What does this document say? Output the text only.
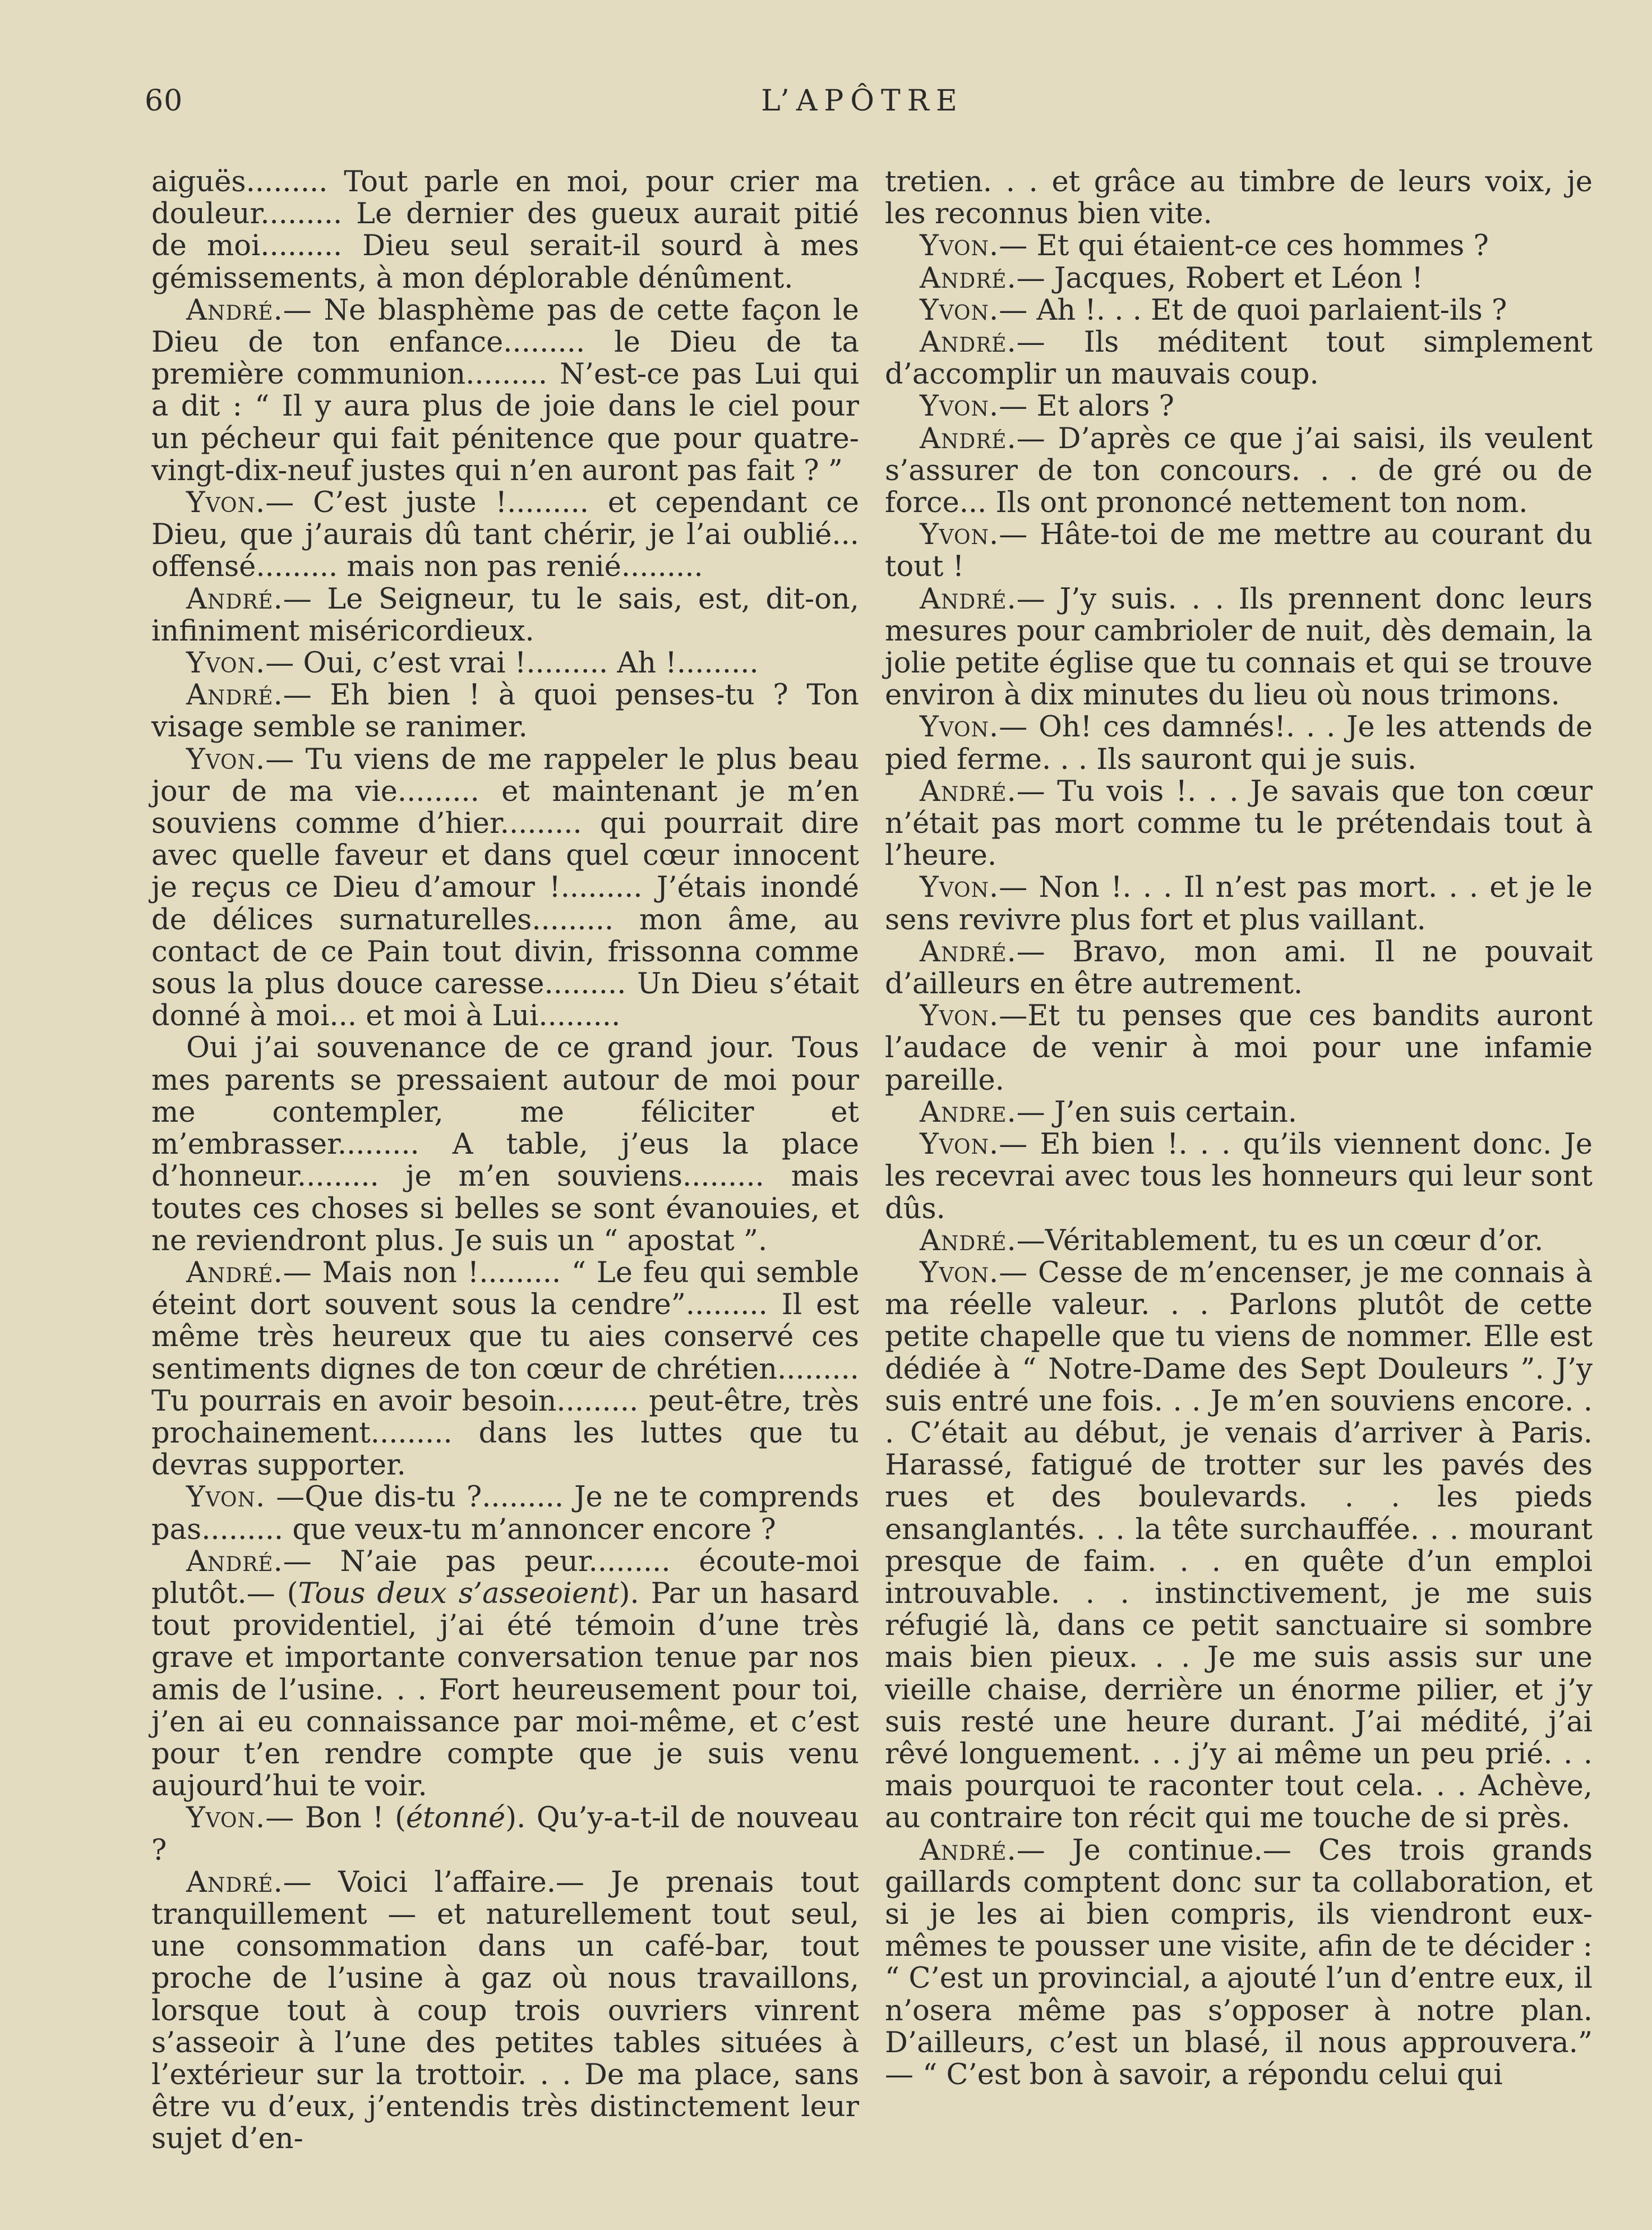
60	L’APÔTRE

aiguës......... Tout parle en moi, pour crier ma douleur......... Le dernier des gueux aurait pitié de moi......... Dieu seul serait-il sourd à mes gémissements, à mon déplorable dénûment.

André.— Ne blasphème pas de cette façon le Dieu de ton enfance......... le Dieu de ta première communion......... N’est-ce pas Lui qui a dit : “ Il y aura plus de joie dans le ciel pour un pécheur qui fait pénitence que pour quatre-vingt-dix-neuf justes qui n’en auront pas fait ? ”

Yvon.— C’est juste !......... et cependant ce Dieu, que j’aurais dû tant chérir, je l’ai oublié... offensé......... mais non pas renié.........

André.— Le Seigneur, tu le sais, est, dit-on, infiniment miséricordieux.

Yvon.— Oui, c’est vrai !......... Ah !.........

André.— Eh bien ! à quoi penses-tu ? Ton visage semble se ranimer.

Yvon.— Tu viens de me rappeler le plus beau jour de ma vie......... et maintenant je m’en souviens comme d’hier......... qui pourrait dire avec quelle faveur et dans quel cœur innocent je reçus ce Dieu d’amour !......... J’étais inondé de délices surnaturelles......... mon âme, au contact de ce Pain tout divin, frissonna comme sous la plus douce caresse......... Un Dieu s’était donné à moi... et moi à Lui.........

Oui j’ai souvenance de ce grand jour. Tous mes parents se pressaient autour de moi pour me contempler, me féliciter et m’embrasser......... A table, j’eus la place d’honneur......... je m’en souviens......... mais toutes ces choses si belles se sont évanouies, et ne reviendront plus. Je suis un “ apostat ”.

André.— Mais non !......... “ Le feu qui semble éteint dort souvent sous la cendre”......... Il est même très heureux que tu aies conservé ces sentiments dignes de ton cœur de chrétien......... Tu pourrais en avoir besoin......... peut-être, très prochainement......... dans les luttes que tu devras supporter.

Yvon. —Que dis-tu ?......... Je ne te comprends pas......... que veux-tu m’annoncer encore ?

André.— N’aie pas peur......... écoute-moi plutôt.— (Tous deux s’asseoient). Par un hasard tout providentiel, j’ai été témoin d’une très grave et importante conversation tenue par nos amis de l’usine. . . Fort heureusement pour toi, j’en ai eu connaissance par moi-même, et c’est pour t’en rendre compte que je suis venu aujourd’hui te voir.

Yvon.— Bon ! (étonné). Qu’y-a-t-il de nouveau ?

André.— Voici l’affaire.— Je prenais tout tranquillement — et naturellement tout seul, une consommation dans un café-bar, tout proche de l’usine à gaz où nous travaillons, lorsque tout à coup trois ouvriers vinrent s’asseoir à l’une des petites tables situées à l’extérieur sur la trottoir. . . De ma place, sans être vu d’eux, j’entendis très distinctement leur sujet d’en-

tretien. . . et grâce au timbre de leurs voix, je les reconnus bien vite.

Yvon.— Et qui étaient-ce ces hommes ?

André.— Jacques, Robert et Léon !

Yvon.— Ah !. . . Et de quoi parlaient-ils ?

André.— Ils méditent tout simplement d’accomplir un mauvais coup.

Yvon.— Et alors ?

André.— D’après ce que j’ai saisi, ils veulent s’assurer de ton concours. . . de gré ou de force... Ils ont prononcé nettement ton nom.

Yvon.— Hâte-toi de me mettre au courant du tout !

André.— J’y suis. . . Ils prennent donc leurs mesures pour cambrioler de nuit, dès demain, la jolie petite église que tu connais et qui se trouve environ à dix minutes du lieu où nous trimons.

Yvon.— Oh! ces damnés!. . . Je les attends de pied ferme. . . Ils sauront qui je suis.

André.— Tu vois !. . . Je savais que ton cœur n’était pas mort comme tu le prétendais tout à l’heure.

Yvon.— Non !. . . Il n’est pas mort. . . et je le sens revivre plus fort et plus vaillant.

André.— Bravo, mon ami. Il ne pouvait d’ailleurs en être autrement.

Yvon.—Et tu penses que ces bandits auront l’audace de venir à moi pour une infamie pareille.

Andre.— J’en suis certain.

Yvon.— Eh bien !. . . qu’ils viennent donc. Je les recevrai avec tous les honneurs qui leur sont dûs.

André.—Véritablement, tu es un cœur d’or.

Yvon.— Cesse de m’encenser, je me connais à ma réelle valeur. . . Parlons plutôt de cette petite chapelle que tu viens de nommer. Elle est dédiée à “ Notre-Dame des Sept Douleurs ”. J’y suis entré une fois. . . Je m’en souviens encore. . . C’était au début, je venais d’arriver à Paris. Harassé, fatigué de trotter sur les pavés des rues et des boulevards. . . les pieds ensanglantés. . . la tête surchauffée. . . mourant presque de faim. . . en quête d’un emploi introuvable. . . instinctivement, je me suis réfugié là, dans ce petit sanctuaire si sombre mais bien pieux. . . Je me suis assis sur une vieille chaise, derrière un énorme pilier, et j’y suis resté une heure durant. J’ai médité, j’ai rêvé longuement. . . j’y ai même un peu prié. . . mais pourquoi te raconter tout cela. . . Achève, au contraire ton récit qui me touche de si près.

André.— Je continue.— Ces trois grands gaillards comptent donc sur ta collaboration, et si je les ai bien compris, ils viendront eux-mêmes te pousser une visite, afin de te décider : “ C’est un provincial, a ajouté l’un d’entre eux, il n’osera même pas s’opposer à notre plan. D’ailleurs, c’est un blasé, il nous approuvera.” — “ C’est bon à savoir, a répondu celui qui
